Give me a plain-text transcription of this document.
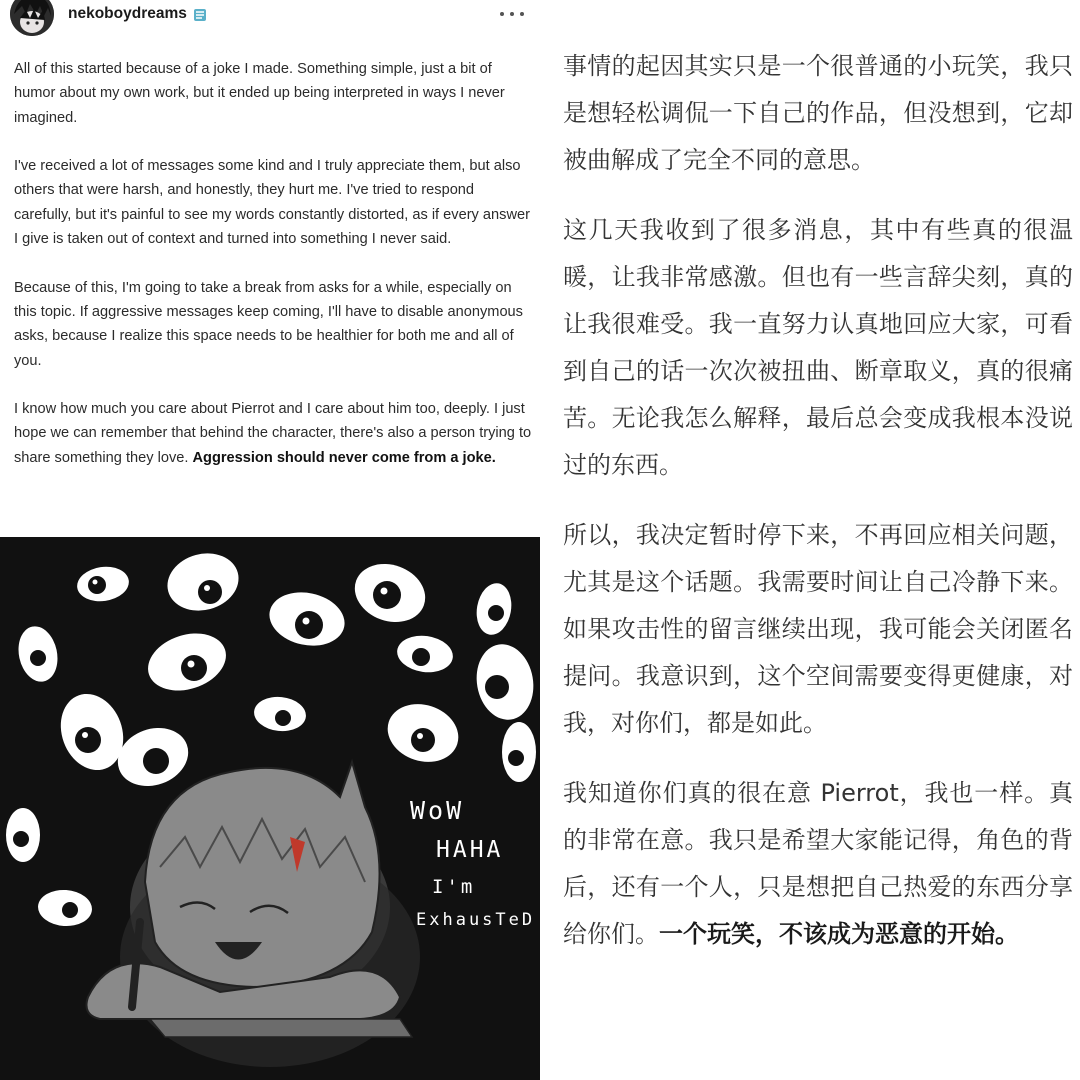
nekoboydreams

All of this started because of a joke I made. Something simple, just a bit of humor about my own work, but it ended up being interpreted in ways I never imagined.

I've received a lot of messages some kind and I truly appreciate them, but also others that were harsh, and honestly, they hurt me. I've tried to respond carefully, but it's painful to see my words constantly distorted, as if every answer I give is taken out of context and turned into something I never said.

Because of this, I'm going to take a break from asks for a while, especially on this topic. If aggressive messages keep coming, I'll have to disable anonymous asks, because I realize this space needs to be healthier for both me and all of you.

I know how much you care about Pierrot and I care about him too, deeply. I just hope we can remember that behind the character, there's also a person trying to share something they love. Aggression should never come from a joke.

WoW
HAHA
I'm
ExhausTeD

事情的起因其实只是一个很普通的小玩笑，我只是想轻松调侃一下自己的作品，但没想到，它却被曲解成了完全不同的意思。

这几天我收到了很多消息，其中有些真的很温暖，让我非常感激。但也有一些言辞尖刻，真的让我很难受。我一直努力认真地回应大家，可看到自己的话一次次被扭曲、断章取义，真的很痛苦。无论我怎么解释，最后总会变成我根本没说过的东西。

所以，我决定暂时停下来，不再回应相关问题，尤其是这个话题。我需要时间让自己冷静下来。如果攻击性的留言继续出现，我可能会关闭匿名提问。我意识到，这个空间需要变得更健康，对我，对你们，都是如此。

我知道你们真的很在意 Pierrot，我也一样。真的非常在意。我只是希望大家能记得，角色的背后，还有一个人，只是想把自己热爱的东西分享给你们。一个玩笑，不该成为恶意的开始。
